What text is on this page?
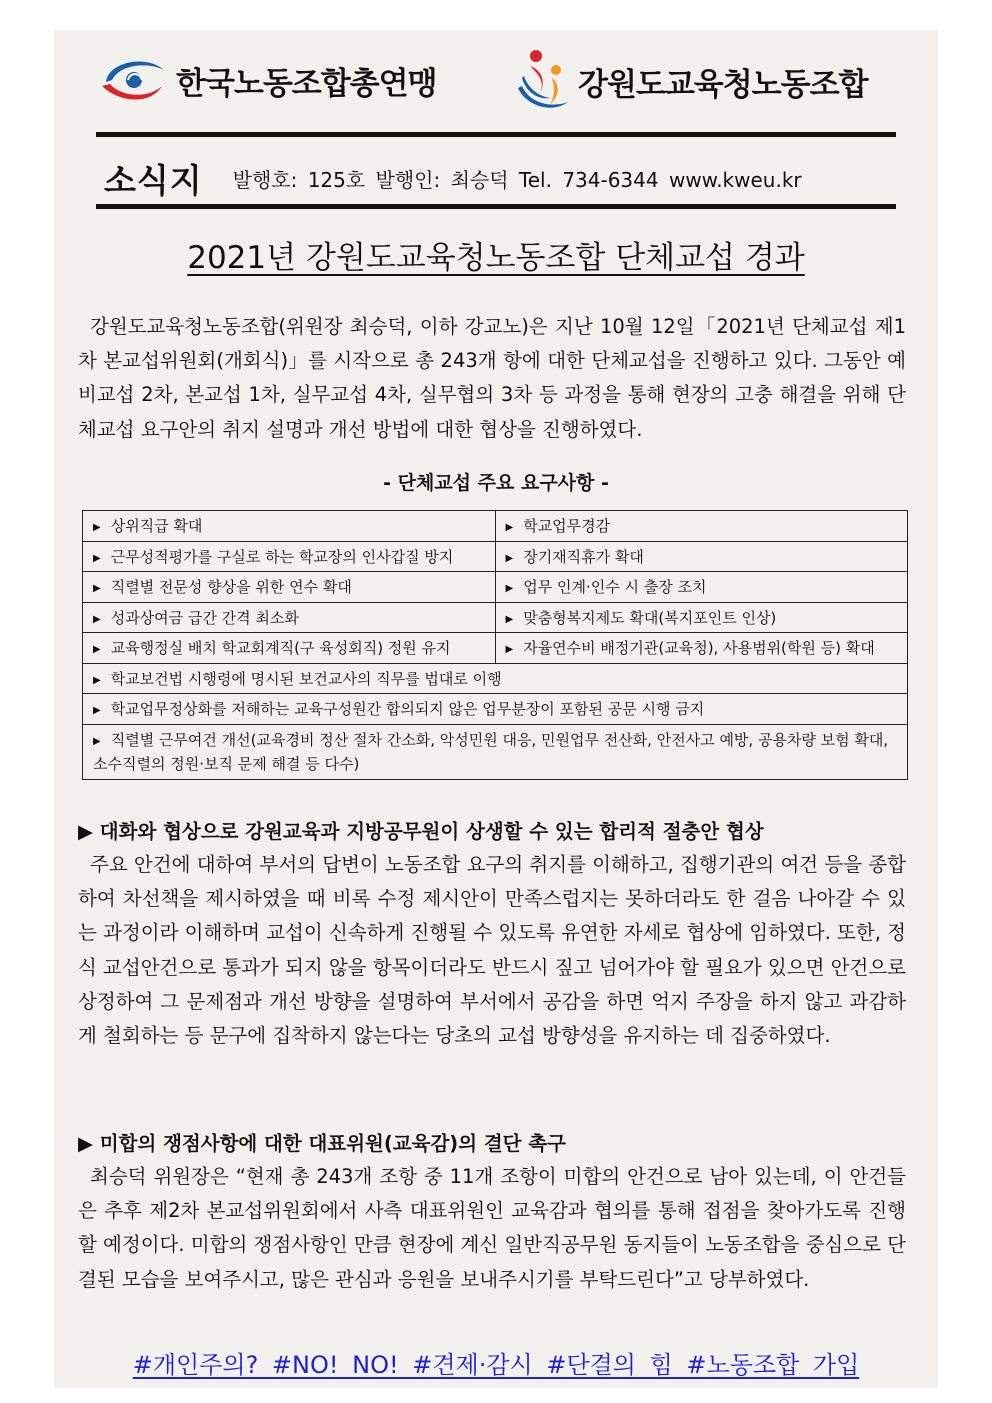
한국노동조합총연맹	강원도교육청노동조합
소식지 발행호: 125호 발행인: 최승덕 Tel. 734-6344 www.kweu.kr
2021년 강원도교육청노동조합 단체교섭 경과

강원도교육청노동조합(위원장 최승덕, 이하 강교노)은 지난 10월 12일「2021년 단체교섭 제1차 본교섭위원회(개회식)」를 시작으로 총 243개 항에 대한 단체교섭을 진행하고 있다. 그동안 예비교섭 2차, 본교섭 1차, 실무교섭 4차, 실무협의 3차 등 과정을 통해 현장의 고충 해결을 위해 단체교섭 요구안의 취지 설명과 개선 방법에 대한 협상을 진행하였다.

- 단체교섭 주요 요구사항 -
▶ 상위직급 확대	▶ 학교업무경감
▶ 근무성적평가를 구실로 하는 학교장의 인사갑질 방지	▶ 장기재직휴가 확대
▶ 직렬별 전문성 향상을 위한 연수 확대	▶ 업무 인계·인수 시 출장 조치
▶ 성과상여금 급간 간격 최소화	▶ 맞춤형복지제도 확대(복지포인트 인상)
▶ 교육행정실 배치 학교회계직(구 육성회직) 정원 유지	▶ 자율연수비 배정기관(교육청), 사용범위(학원 등) 확대
▶ 학교보건법 시행령에 명시된 보건교사의 직무를 법대로 이행	
▶ 학교업무정상화를 저해하는 교육구성원간 합의되지 않은 업무분장이 포함된 공문 시행 금지	
▶ 직렬별 근무여건 개선(교육경비 정산 절차 간소화, 악성민원 대응, 민원업무 전산화, 안전사고 예방, 공용차량 보험 확대, 소수직렬의 정원·보직 문제 해결 등 다수)	
▶ 대화와 협상으로 강원교육과 지방공무원이 상생할 수 있는 합리적 절충안 협상

주요 안건에 대하여 부서의 답변이 노동조합 요구의 취지를 이해하고, 집행기관의 여건 등을 종합하여 차선책을 제시하였을 때 비록 수정 제시안이 만족스럽지는 못하더라도 한 걸음 나아갈 수 있는 과정이라 이해하며 교섭이 신속하게 진행될 수 있도록 유연한 자세로 협상에 임하였다. 또한, 정식 교섭안건으로 통과가 되지 않을 항목이더라도 반드시 짚고 넘어가야 할 필요가 있으면 안건으로 상정하여 그 문제점과 개선 방향을 설명하여 부서에서 공감을 하면 억지 주장을 하지 않고 과감하게 철회하는 등 문구에 집착하지 않는다는 당초의 교섭 방향성을 유지하는 데 집중하였다.

▶ 미합의 쟁점사항에 대한 대표위원(교육감)의 결단 촉구

최승덕 위원장은 “현재 총 243개 조항 중 11개 조항이 미합의 안건으로 남아 있는데, 이 안건들은 추후 제2차 본교섭위원회에서 사측 대표위원인 교육감과 협의를 통해 접점을 찾아가도록 진행할 예정이다. 미합의 쟁점사항인 만큼 현장에 계신 일반직공무원 동지들이 노동조합을 중심으로 단결된 모습을 보여주시고, 많은 관심과 응원을 보내주시기를 부탁드린다”고 당부하였다.

#개인주의? #NO! NO! #견제·감시 #단결의 힘 #노동조합 가입
